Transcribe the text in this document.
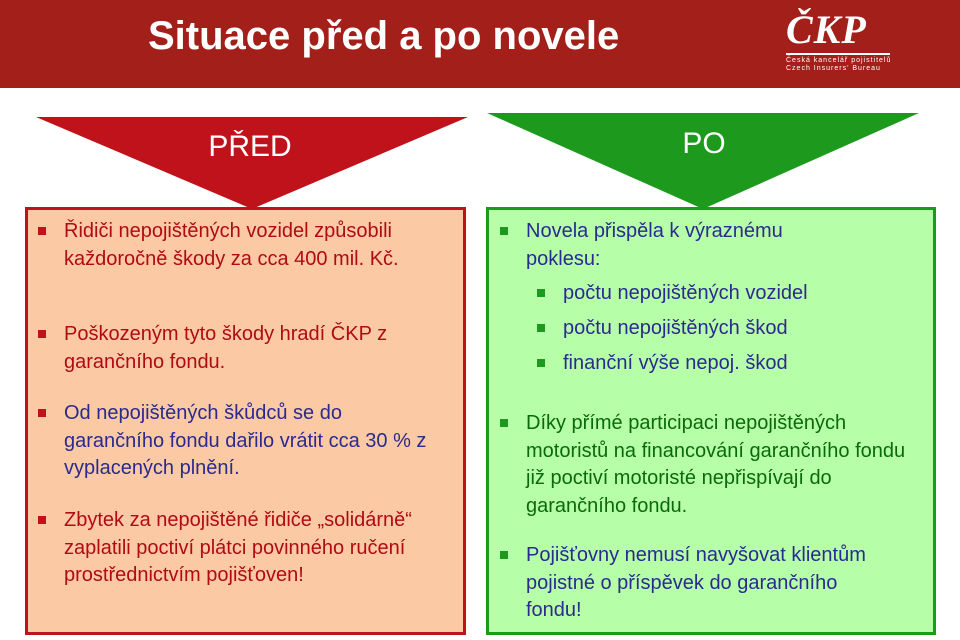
Situace před a po novele	ČKP
Česká kancelář pojistitelů
Czech Insurers' Bureau
PŘED	PO
Řidiči nepojištěných vozidel způsobili každoročně škody za cca 400 mil. Kč.
Poškozeným tyto škody hradí ČKP z garančního fondu.
Od nepojištěných škůdců se do garančního fondu dařilo vrátit cca 30 % z vyplacených plnění.
Zbytek za nepojištěné řidiče „solidárně“ zaplatili poctiví plátci povinného ručení prostřednictvím pojišťoven!
Novela přispěla k výraznému poklesu:
počtu nepojištěných vozidel
počtu nepojištěných škod
finanční výše nepoj. škod
Díky přímé participaci nepojištěných motoristů na financování garančního fondu již poctiví motoristé nepřispívají do garančního fondu.
Pojišťovny nemusí navyšovat klientům pojistné o příspěvek do garančního fondu!
